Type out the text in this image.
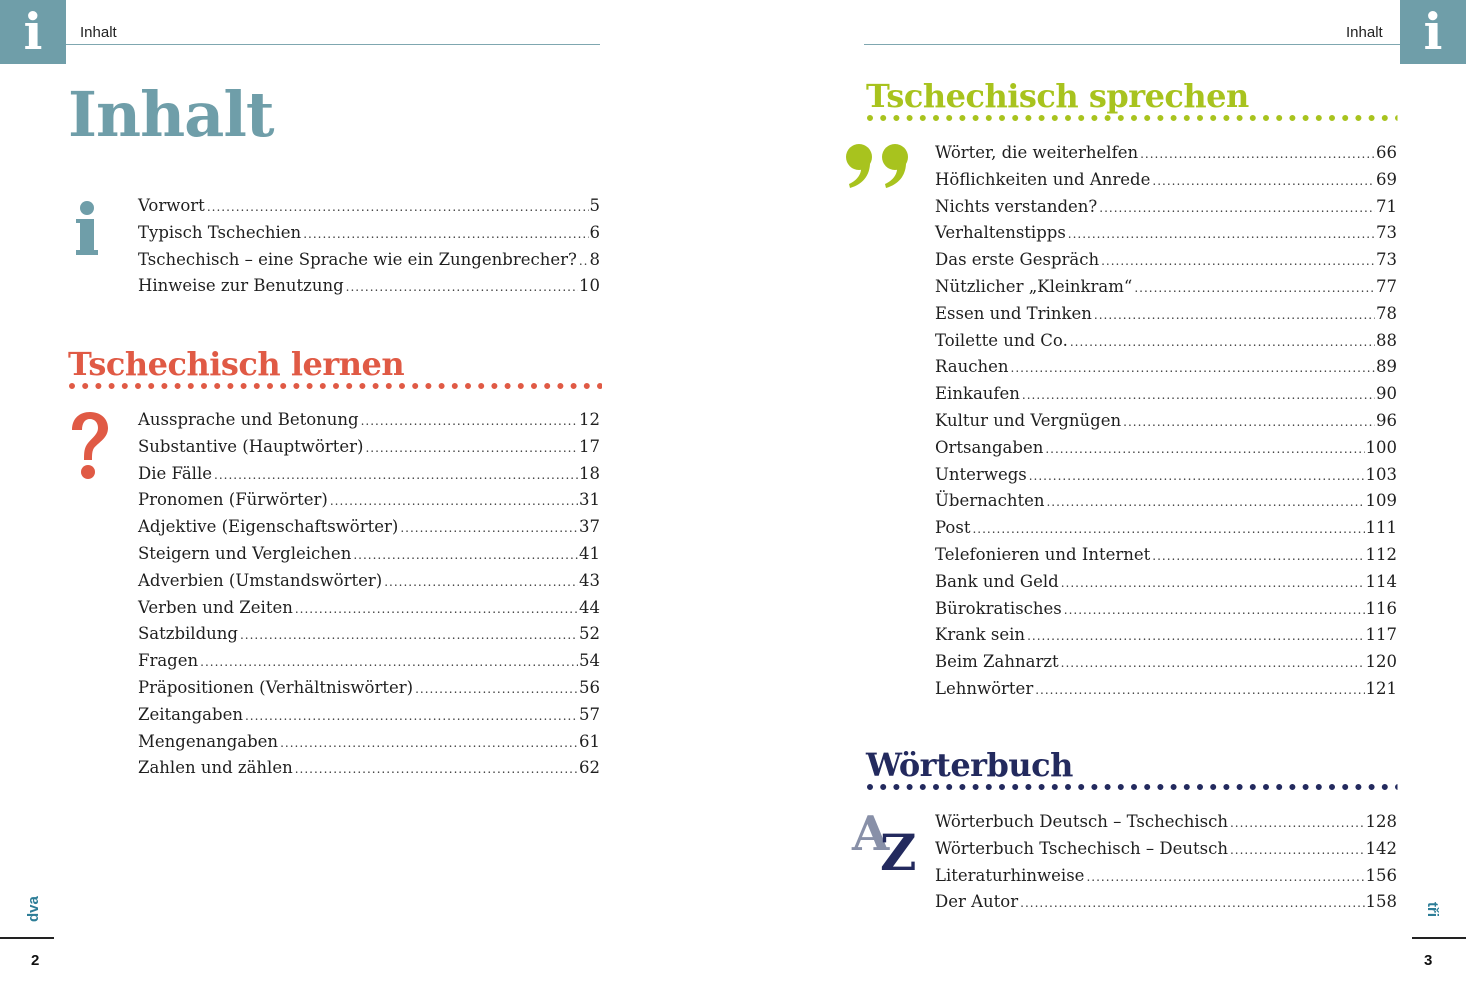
i	Inhalt	i
Inhalt
Inhalt
Vorwort .....	5
Typisch Tschechien .....	6
Tschechisch – eine Sprache wie ein Zungenbrecher? ..... 8
Hinweise zur Benutzung .....	10
Tschechisch lernen
Aussprache und Betonung .....	12
Substantive (Hauptwörter) .....	17
Die Fälle .....	18
Pronomen (Fürwörter) .....	31
Adjektive (Eigenschaftswörter) .....	37
Steigern und Vergleichen .....	41
Adverbien (Umstandswörter) .....	43
Verben und Zeiten .....	44
Satzbildung .....	52
Fragen .....	54
Präpositionen (Verhältniswörter) .....	56
Zeitangaben .....	57
Mengenangaben .....	61
Zahlen und zählen .....	62
Tschechisch sprechen
Wörter, die weiterhelfen .....	66
Höflichkeiten und Anrede .....	69
Nichts verstanden? .....	71
Verhaltenstipps .....	73
Das erste Gespräch .....	73
Nützlicher „Kleinkram“ .....	77
Essen und Trinken .....	78
Toilette und Co. .....	88
Rauchen .....	89
Einkaufen .....	90
Kultur und Vergnügen .....	96
Ortsangaben .....	100
Unterwegs .....	103
Übernachten .....	109
Post .....	111
Telefonieren und Internet .....	112
Bank und Geld .....	114
Bürokratisches .....	116
Krank sein .....	117
Beim Zahnarzt .....	120
Lehnwörter .....	121
Wörterbuch
A
Z
Wörterbuch Deutsch – Tschechisch .....	128
Wörterbuch Tschechisch – Deutsch .....	142
Literaturhinweise .....	156
Der Autor .....	158
dva
2
tři
3
